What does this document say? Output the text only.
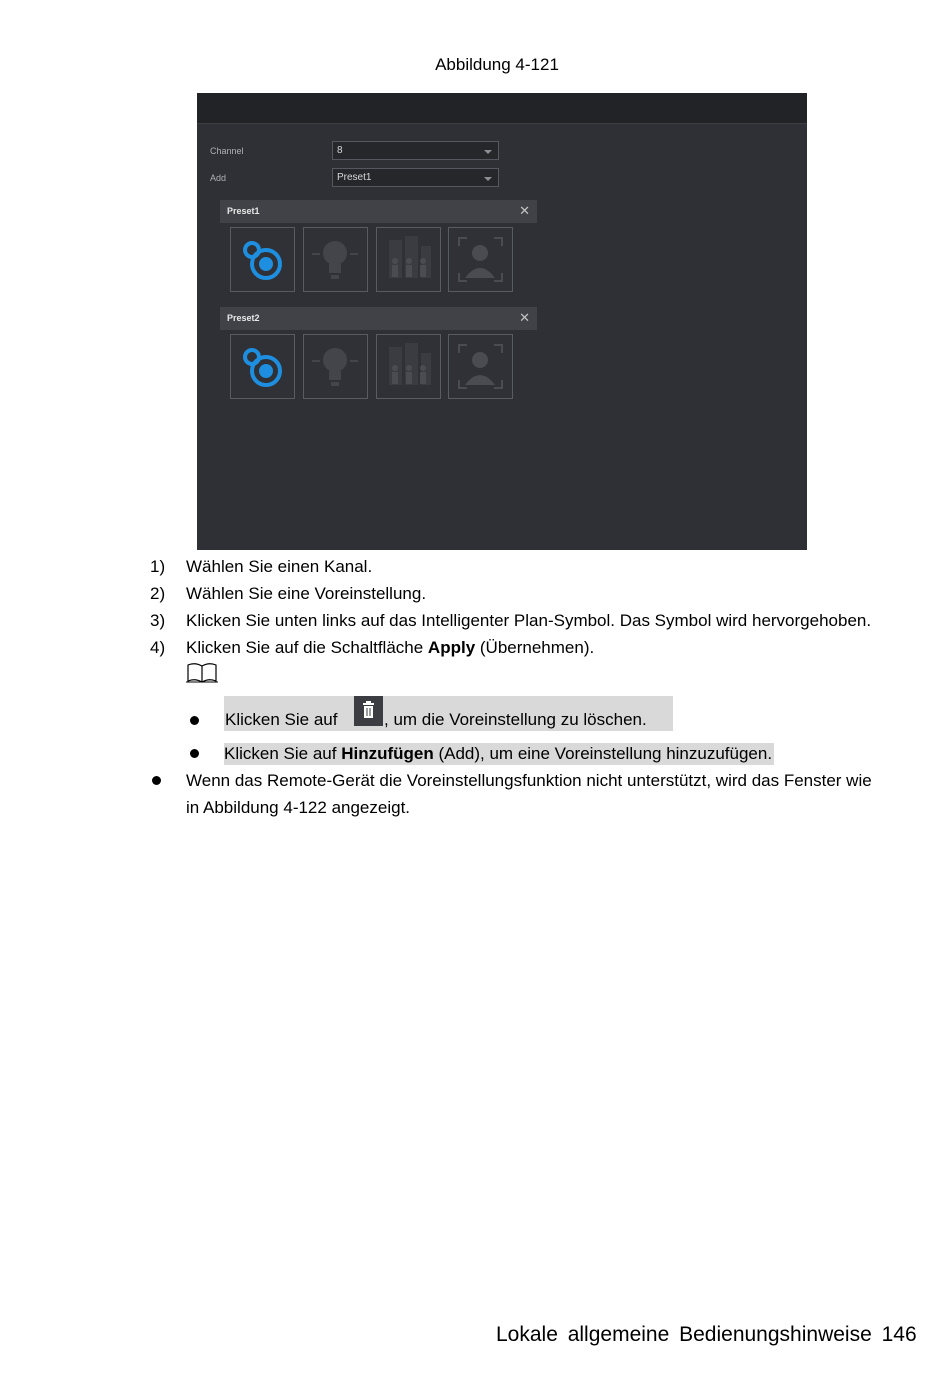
Abbildung 4-121
Channel	8
Add	Preset1
Preset1	✕
Preset2	✕
1) Wählen Sie einen Kanal.
2) Wählen Sie eine Voreinstellung.
3) Klicken Sie unten links auf das Intelligenter Plan-Symbol. Das Symbol wird hervorgehoben.
4) Klicken Sie auf die Schaltfläche Apply (Übernehmen).
Klicken Sie auf	, um die Voreinstellung zu löschen.
Klicken Sie auf Hinzufügen (Add), um eine Voreinstellung hinzuzufügen.
Wenn das Remote-Gerät die Voreinstellungsfunktion nicht unterstützt, wird das Fenster wie
in Abbildung 4-122 angezeigt.
Lokale allgemeine Bedienungshinweise 146
